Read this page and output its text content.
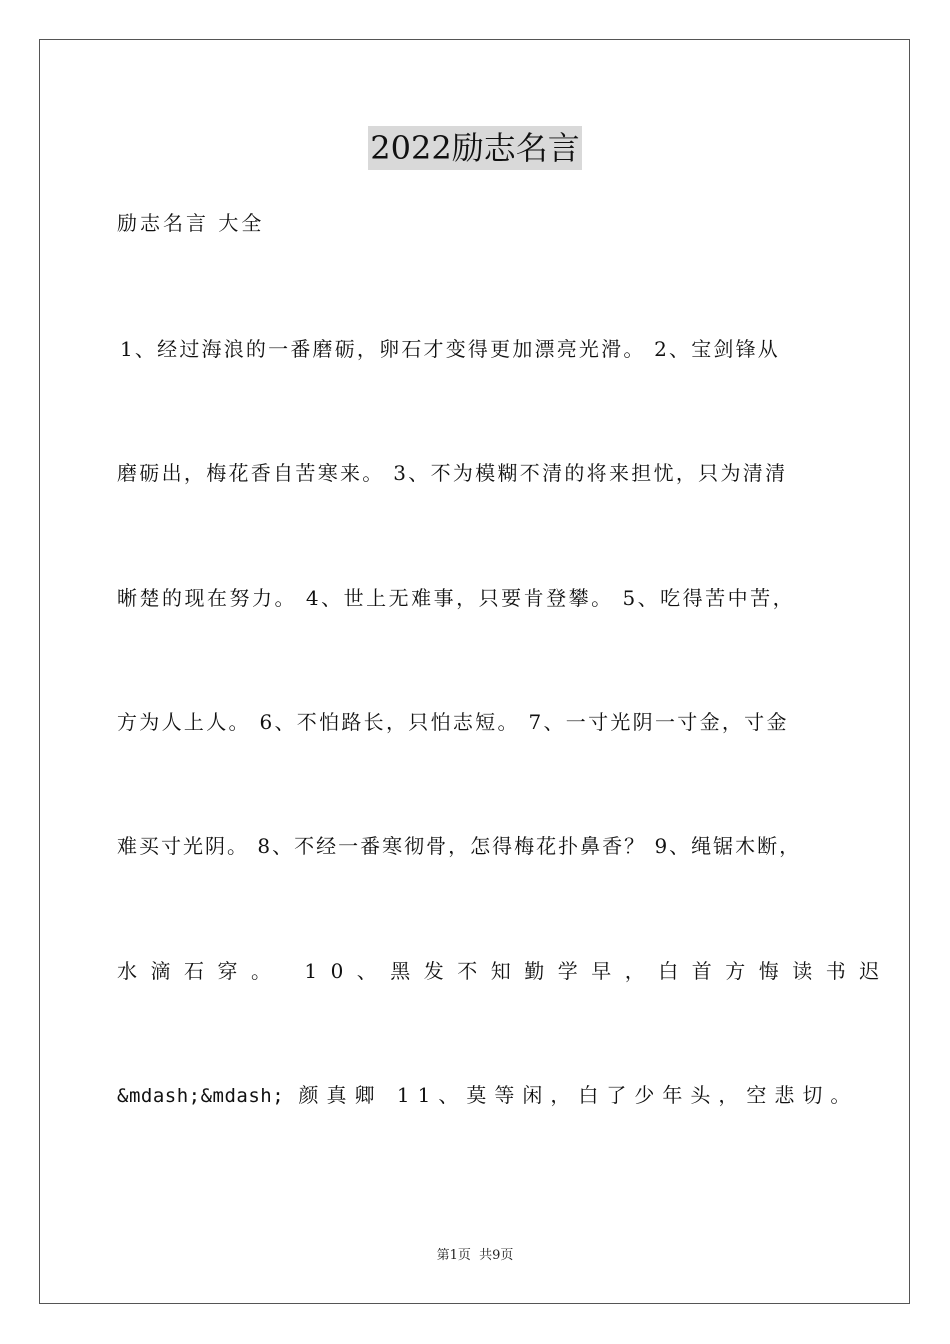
2022励志名言
励志名言 大全
1、经过海浪的一番磨砺，卵石才变得更加漂亮光滑。 2、宝剑锋从
磨砺出，梅花香自苦寒来。 3、不为模糊不清的将来担忧，只为清清
晰楚的现在努力。 4、世上无难事，只要肯登攀。 5、吃得苦中苦，
方为人上人。 6、不怕路长，只怕志短。 7、一寸光阴一寸金，寸金
难买寸光阴。 8、不经一番寒彻骨，怎得梅花扑鼻香？ 9、绳锯木断，
水滴石穿。 10、黑发不知勤学早，白首方悔读书迟
&mdash;&mdash; 颜真卿 11、莫等闲，白了少年头，空悲切。
第1页  共9页
